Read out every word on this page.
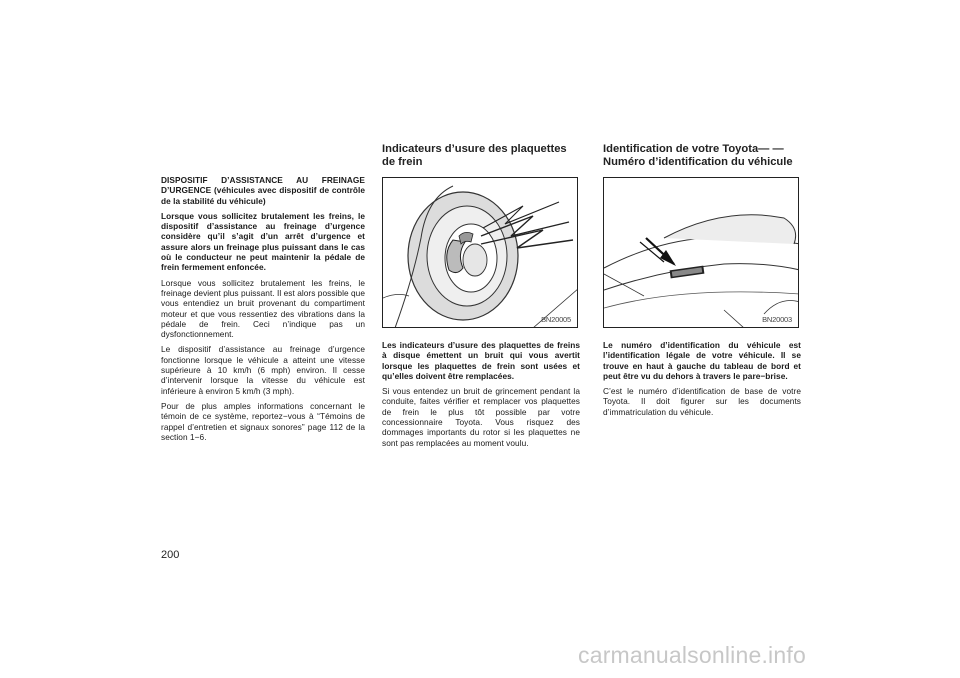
DISPOSITIF D’ASSISTANCE AU FREINAGE D’URGENCE (véhicules avec dispositif de contrôle de la stabilité du véhicule)

Lorsque vous sollicitez brutalement les freins, le dispositif d’assistance au freinage d’urgence considère qu’il s’agit d’un arrêt d’urgence et assure alors un freinage plus puissant dans le cas où le conducteur ne peut maintenir la pédale de frein fermement enfoncée.

Lorsque vous sollicitez brutalement les freins, le freinage devient plus puissant. Il est alors possible que vous entendiez un bruit provenant du compartiment moteur et que vous ressentiez des vibrations dans la pédale de frein. Ceci n’indique pas un dysfonctionnement.

Le dispositif d’assistance au freinage d’urgence fonctionne lorsque le véhicule a atteint une vitesse supérieure à 10 km/h (6 mph) environ. Il cesse d’intervenir lorsque la vitesse du véhicule est inférieure à environ 5 km/h (3 mph).

Pour de plus amples informations concernant le témoin de ce système, reportez−vous à “Témoins de rappel d’entretien et signaux sonores” page 112 de la section 1−6.

Indicateurs d’usure des plaquettes de frein
BN20005

Les indicateurs d’usure des plaquettes de freins à disque émettent un bruit qui vous avertit lorsque les plaquettes de frein sont usées et qu’elles doivent être remplacées.

Si vous entendez un bruit de grincement pendant la conduite, faites vérifier et remplacer vos plaquettes de frein le plus tôt possible par votre concessionnaire Toyota. Vous risquez des dommages importants du rotor si les plaquettes ne sont pas remplacées au moment voulu.

Identification de votre Toyota— —Numéro d’identification du véhicule
BN20003

Le numéro d’identification du véhicule est l’identification légale de votre véhicule. Il se trouve en haut à gauche du tableau de bord et peut être vu du dehors à travers le pare−brise.

C’est le numéro d’identification de base de votre Toyota. Il doit figurer sur les documents d’immatriculation du véhicule.

200
carmanualsonline.info
